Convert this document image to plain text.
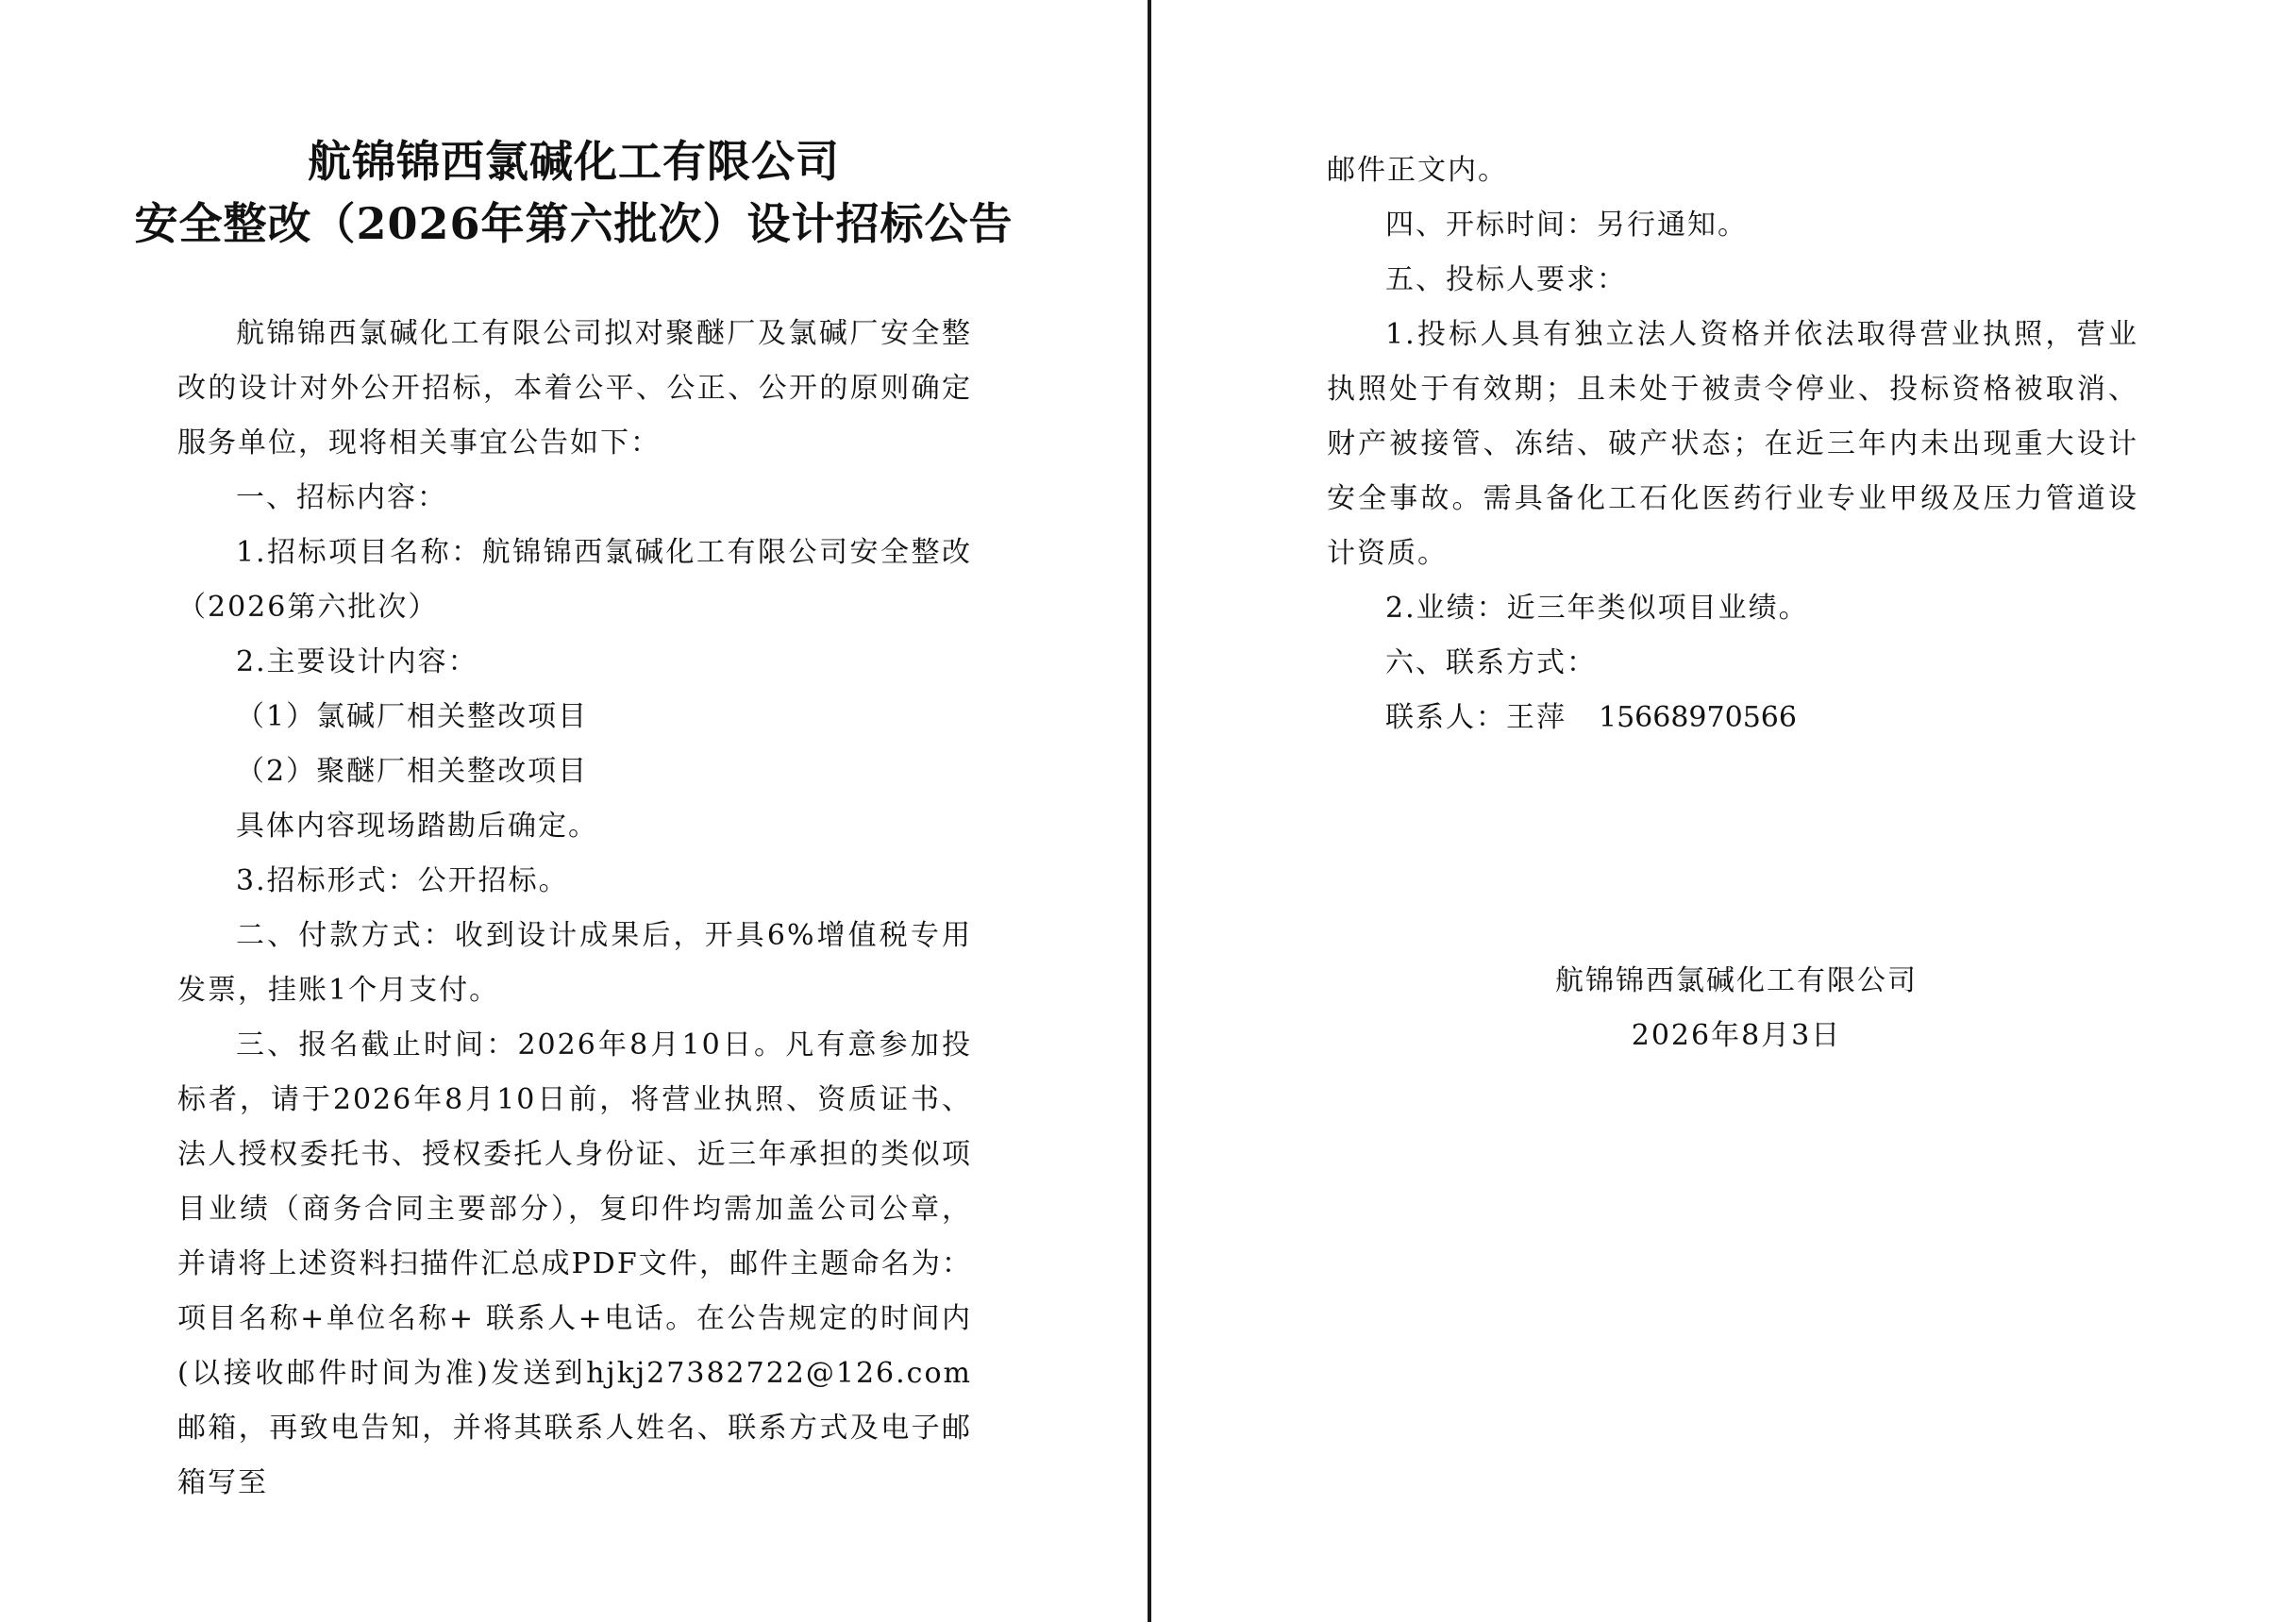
航锦锦西氯碱化工有限公司
安全整改（2026年第六批次）设计招标公告

航锦锦西氯碱化工有限公司拟对聚醚厂及氯碱厂安全整改的设计对外公开招标，本着公平、公正、公开的原则确定服务单位，现将相关事宜公告如下：

一、招标内容：

1.招标项目名称：航锦锦西氯碱化工有限公司安全整改（2026第六批次）

2.主要设计内容：

（1）氯碱厂相关整改项目

（2）聚醚厂相关整改项目

具体内容现场踏勘后确定。

3.招标形式：公开招标。

二、付款方式：收到设计成果后，开具6%增值税专用发票，挂账1个月支付。

三、报名截止时间：2026年8月10日。凡有意参加投标者，请于2026年8月10日前，将营业执照、资质证书、法人授权委托书、授权委托人身份证、近三年承担的类似项目业绩（商务合同主要部分），复印件均需加盖公司公章，并请将上述资料扫描件汇总成PDF文件，邮件主题命名为：项目名称+单位名称+ 联系人+电话。在公告规定的时间内(以接收邮件时间为准)发送到hjkj27382722@126.com邮箱，再致电告知，并将其联系人姓名、联系方式及电子邮箱写至

邮件正文内。

四、开标时间：另行通知。

五、投标人要求：

1.投标人具有独立法人资格并依法取得营业执照，营业执照处于有效期；且未处于被责令停业、投标资格被取消、财产被接管、冻结、破产状态；在近三年内未出现重大设计安全事故。需具备化工石化医药行业专业甲级及压力管道设计资质。

2.业绩：近三年类似项目业绩。

六、联系方式：

联系人：王萍 15668970566

航锦锦西氯碱化工有限公司
2026年8月3日
